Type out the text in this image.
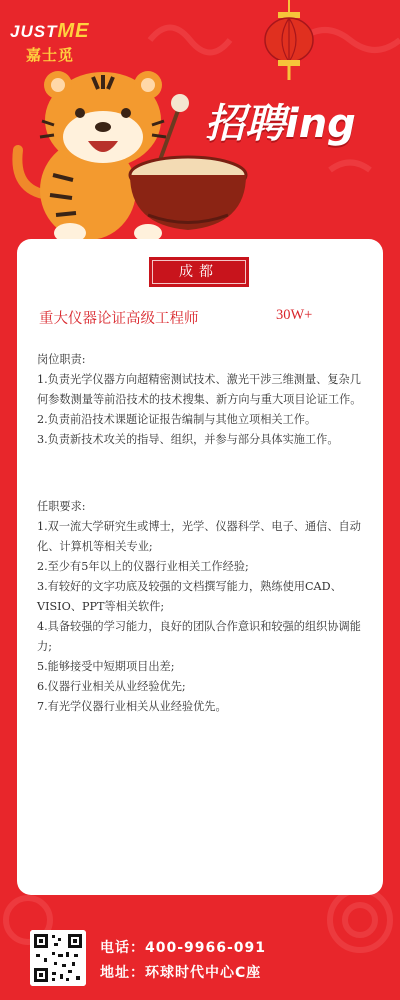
JUSTME
嘉士觅
招聘ing
成都
重大仪器论证高级工程师	30W+

岗位职责:

1.负责光学仪器方向超精密测试技术、激光干涉三维测量、复杂几何参数测量等前沿技术的技术搜集、新方向与重大项目论证工作。

2.负责前沿技术课题论证报告编制与其他立项相关工作。

3.负责新技术攻关的指导、组织，并参与部分具体实施工作。

任职要求:

1.双一流大学研究生或博士，光学、仪器科学、电子、通信、自动化、计算机等相关专业;

2.至少有5年以上的仪器行业相关工作经验;

3.有较好的文字功底及较强的文档撰写能力，熟练使用CAD、VISIO、PPT等相关软件;

4.具备较强的学习能力，良好的团队合作意识和较强的组织协调能力;

5.能够接受中短期项目出差;

6.仪器行业相关从业经验优先;

7.有光学仪器行业相关从业经验优先。

电话：400-9966-091
地址：环球时代中心C座
